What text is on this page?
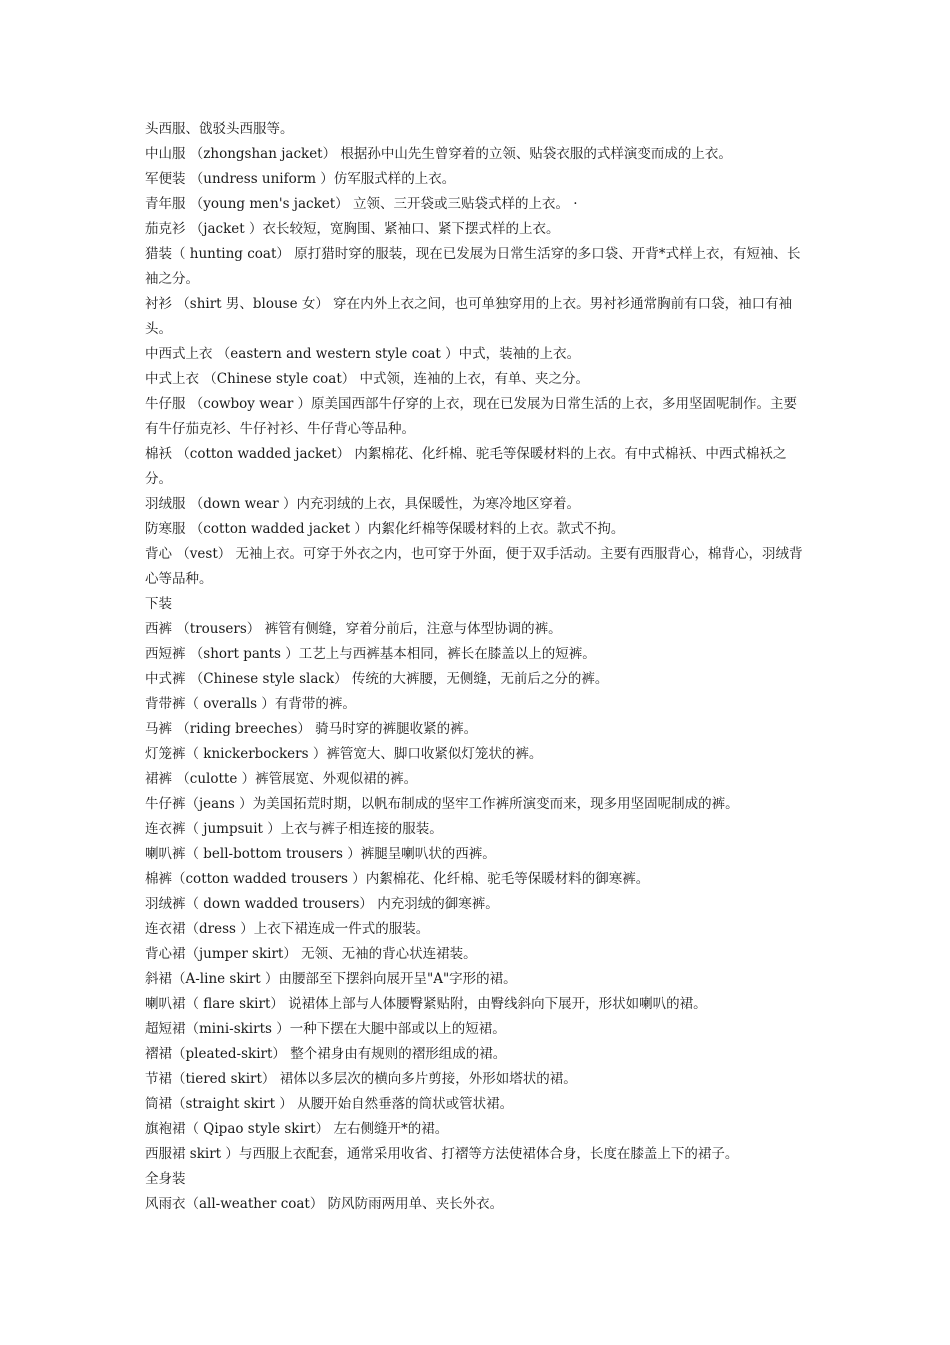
头西服、戗驳头西服等。

中山服 （zhongshan jacket） 根据孙中山先生曾穿着的立领、贴袋衣服的式样演变而成的上衣。

军便装 （undress uniform ）仿军服式样的上衣。

青年服 （young men's jacket） 立领、三开袋或三贴袋式样的上衣。 ·

茄克衫 （jacket ）衣长较短，宽胸围、紧袖口、紧下摆式样的上衣。

猎装（ hunting coat） 原打猎时穿的服装，现在已发展为日常生活穿的多口袋、开背*式样上衣，有短袖、长袖之分。

衬衫 （shirt 男、blouse 女） 穿在内外上衣之间，也可单独穿用的上衣。男衬衫通常胸前有口袋，袖口有袖头。

中西式上衣 （eastern and western style coat ）中式，装袖的上衣。

中式上衣 （Chinese style coat） 中式领，连袖的上衣，有单、夹之分。

牛仔服 （cowboy wear ）原美国西部牛仔穿的上衣，现在已发展为日常生活的上衣，多用坚固呢制作。主要有牛仔茄克衫、牛仔衬衫、牛仔背心等品种。

棉袄 （cotton wadded jacket） 内絮棉花、化纤棉、驼毛等保暖材料的上衣。有中式棉袄、中西式棉袄之分。

羽绒服 （down wear ）内充羽绒的上衣，具保暖性，为寒冷地区穿着。

防寒服 （cotton wadded jacket ）内絮化纤棉等保暖材料的上衣。款式不拘。

背心 （vest） 无袖上衣。可穿于外衣之内，也可穿于外面，便于双手活动。主要有西服背心，棉背心，羽绒背心等品种。

下装

西裤 （trousers） 裤管有侧缝，穿着分前后，注意与体型协调的裤。

西短裤 （short pants ）工艺上与西裤基本相同，裤长在膝盖以上的短裤。

中式裤 （Chinese style slack） 传统的大裤腰，无侧缝，无前后之分的裤。

背带裤（ overalls ）有背带的裤。

马裤 （riding breeches） 骑马时穿的裤腿收紧的裤。

灯笼裤（ knickerbockers ）裤管宽大、脚口收紧似灯笼状的裤。

裙裤 （culotte ）裤管展宽、外观似裙的裤。

牛仔裤（jeans ）为美国拓荒时期，以帆布制成的坚牢工作裤所演变而来，现多用坚固呢制成的裤。

连衣裤（ jumpsuit ）上衣与裤子相连接的服装。

喇叭裤（ bell-bottom trousers ）裤腿呈喇叭状的西裤。

棉裤（cotton wadded trousers ）内絮棉花、化纤棉、驼毛等保暖材料的御寒裤。

羽绒裤（ down wadded trousers） 内充羽绒的御寒裤。

连衣裙（dress ）上衣下裙连成一件式的服装。

背心裙（jumper skirt） 无领、无袖的背心状连裙装。

斜裙（A-line skirt ）由腰部至下摆斜向展开呈"A"字形的裙。

喇叭裙（ flare skirt） 说裙体上部与人体腰臀紧贴附，由臀线斜向下展开，形状如喇叭的裙。

超短裙（mini-skirts ）一种下摆在大腿中部或以上的短裙。

褶裙（pleated-skirt） 整个裙身由有规则的褶形组成的裙。

节裙（tiered skirt） 裙体以多层次的横向多片剪接，外形如塔状的裙。

筒裙（straight skirt ） 从腰开始自然垂落的筒状或管状裙。

旗袍裙（ Qipao style skirt） 左右侧缝开*的裙。

西服裙 skirt ）与西服上衣配套，通常采用收省、打褶等方法使裙体合身，长度在膝盖上下的裙子。

全身装

风雨衣（all-weather coat） 防风防雨两用单、夹长外衣。
